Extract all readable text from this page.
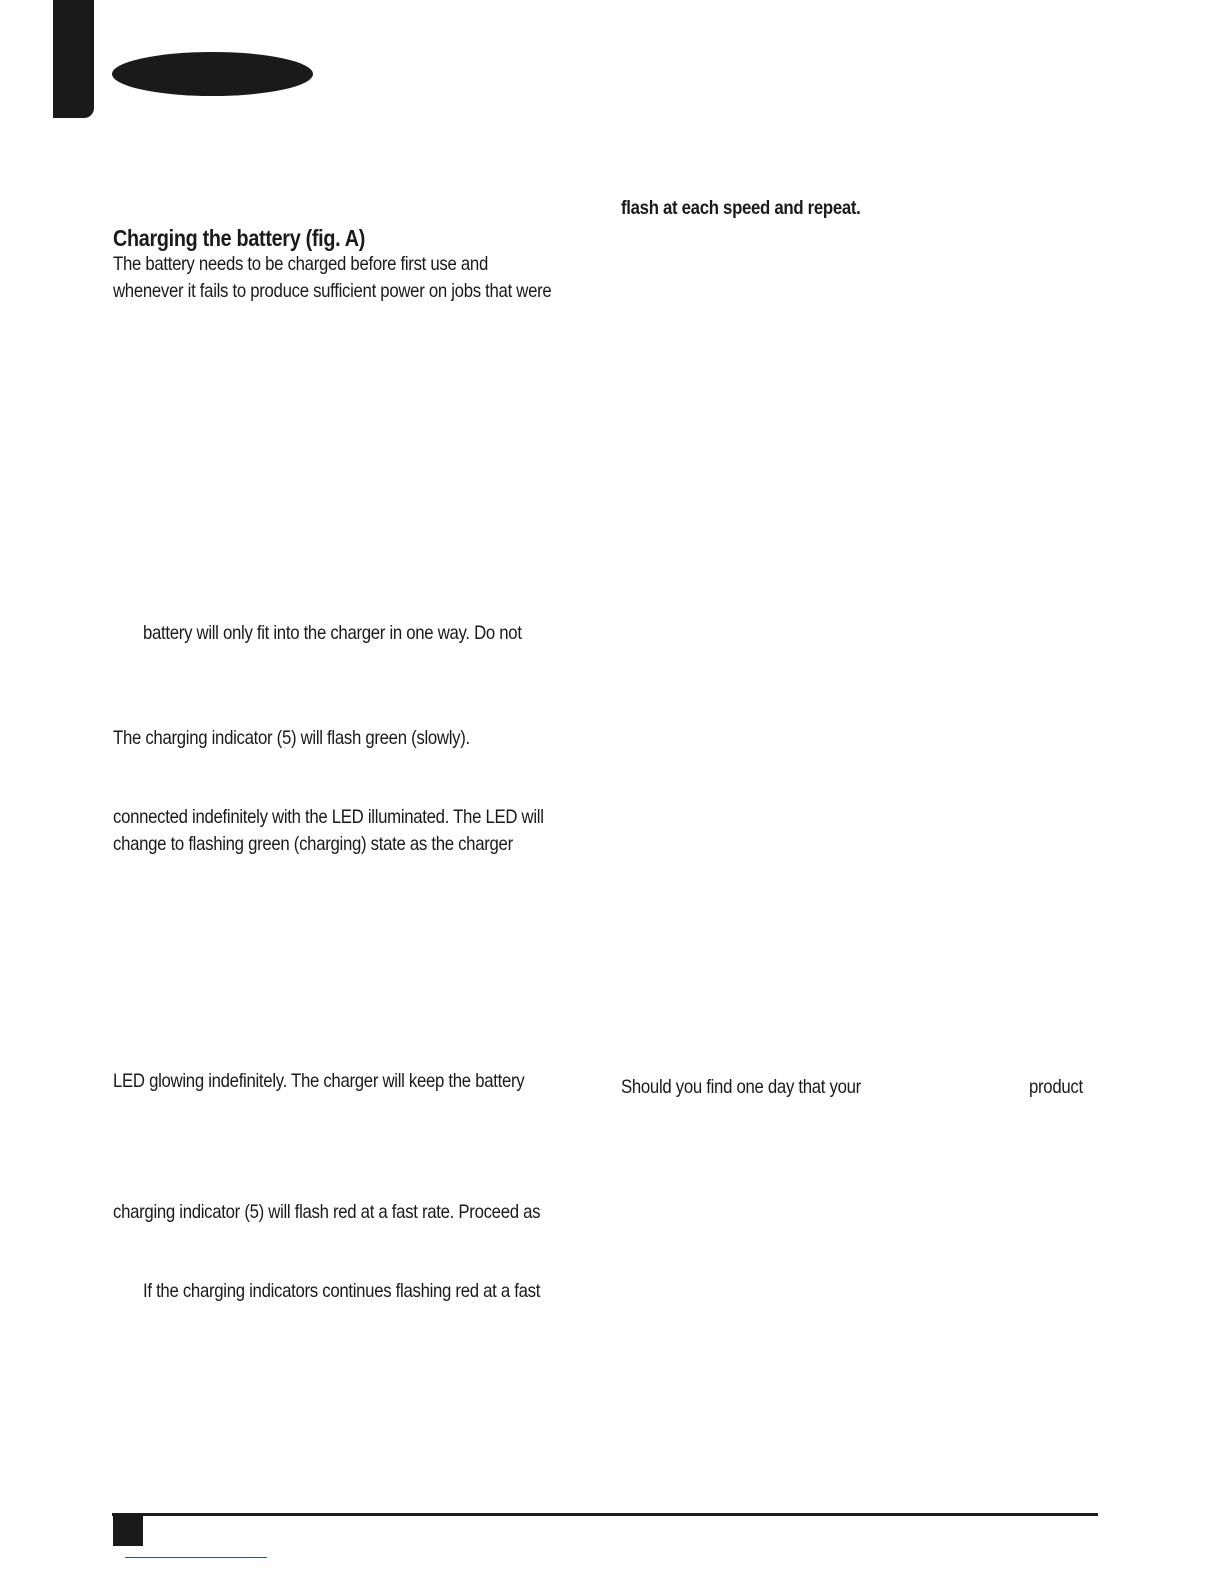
Charging the battery (fig. A)
The battery needs to be charged before first use and
whenever it fails to produce sufficient power on jobs that were
battery will only fit into the charger in one way. Do not
The charging indicator (5) will flash green (slowly).
connected indefinitely with the LED illuminated. The LED will
change to flashing green (charging) state as the charger
LED glowing indefinitely. The charger will keep the battery
charging indicator (5) will flash red at a fast rate. Proceed as
If the charging indicators continues flashing red at a fast
flash at each speed and repeat.
Should you find one day that your	product
